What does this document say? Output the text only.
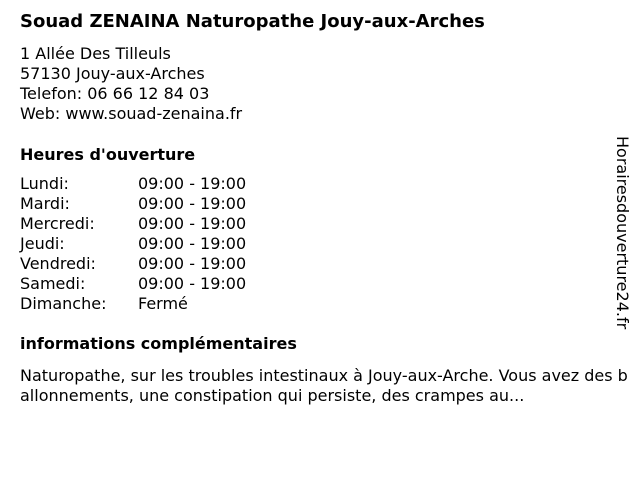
Souad ZENAINA Naturopathe Jouy-aux-Arches
1 Allée Des Tilleuls
57130 Jouy-aux-Arches
Telefon: 06 66 12 84 03
Web: www.souad-zenaina.fr
Heures d'ouverture
Lundi:	09:00 - 19:00
Mardi:	09:00 - 19:00
Mercredi:	09:00 - 19:00
Jeudi:	09:00 - 19:00
Vendredi:	09:00 - 19:00
Samedi:	09:00 - 19:00
Dimanche: Fermé
informations complémentaires
Naturopathe, sur les troubles intestinaux à Jouy-aux-Arche. Vous avez des ballonnements, une constipation qui persiste, des crampes au...
Horairesdouverture24.fr
